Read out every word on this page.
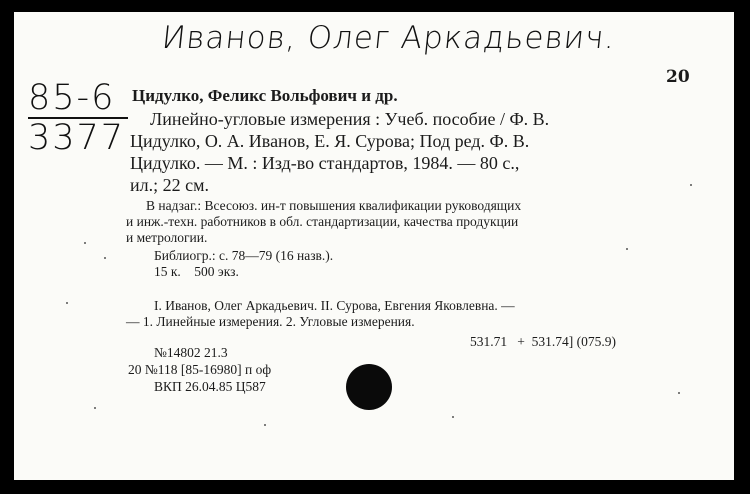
Иванов, Олег Аркадьевич.
85-6
3377
20
Цидулко, Феликс Вольфович и др.
Линейно-угловые измерения : Учеб. пособие / Ф. В.
Цидулко, О. А. Иванов, Е. Я. Сурова; Под ред. Ф. В.
Цидулко. — М. : Изд-во стандартов, 1984. — 80 с.,
ил.; 22 см.
В надзаг.: Всесоюз. ин-т повышения квалификации руководящих
и инж.-техн. работников в обл. стандартизации, качества продукции
и метрологии.
Библиогр.: с. 78—79 (16 назв.).
15 к.    500 экз.
I. Иванов, Олег Аркадьевич. II. Сурова, Евгения Яковлевна. —
— 1. Линейные измерения. 2. Угловые измерения.
531.71   +  531.74] (075.9)
№14802 21.3
20 №118 [85-16980] п оф
ВКП 26.04.85 Ц587
